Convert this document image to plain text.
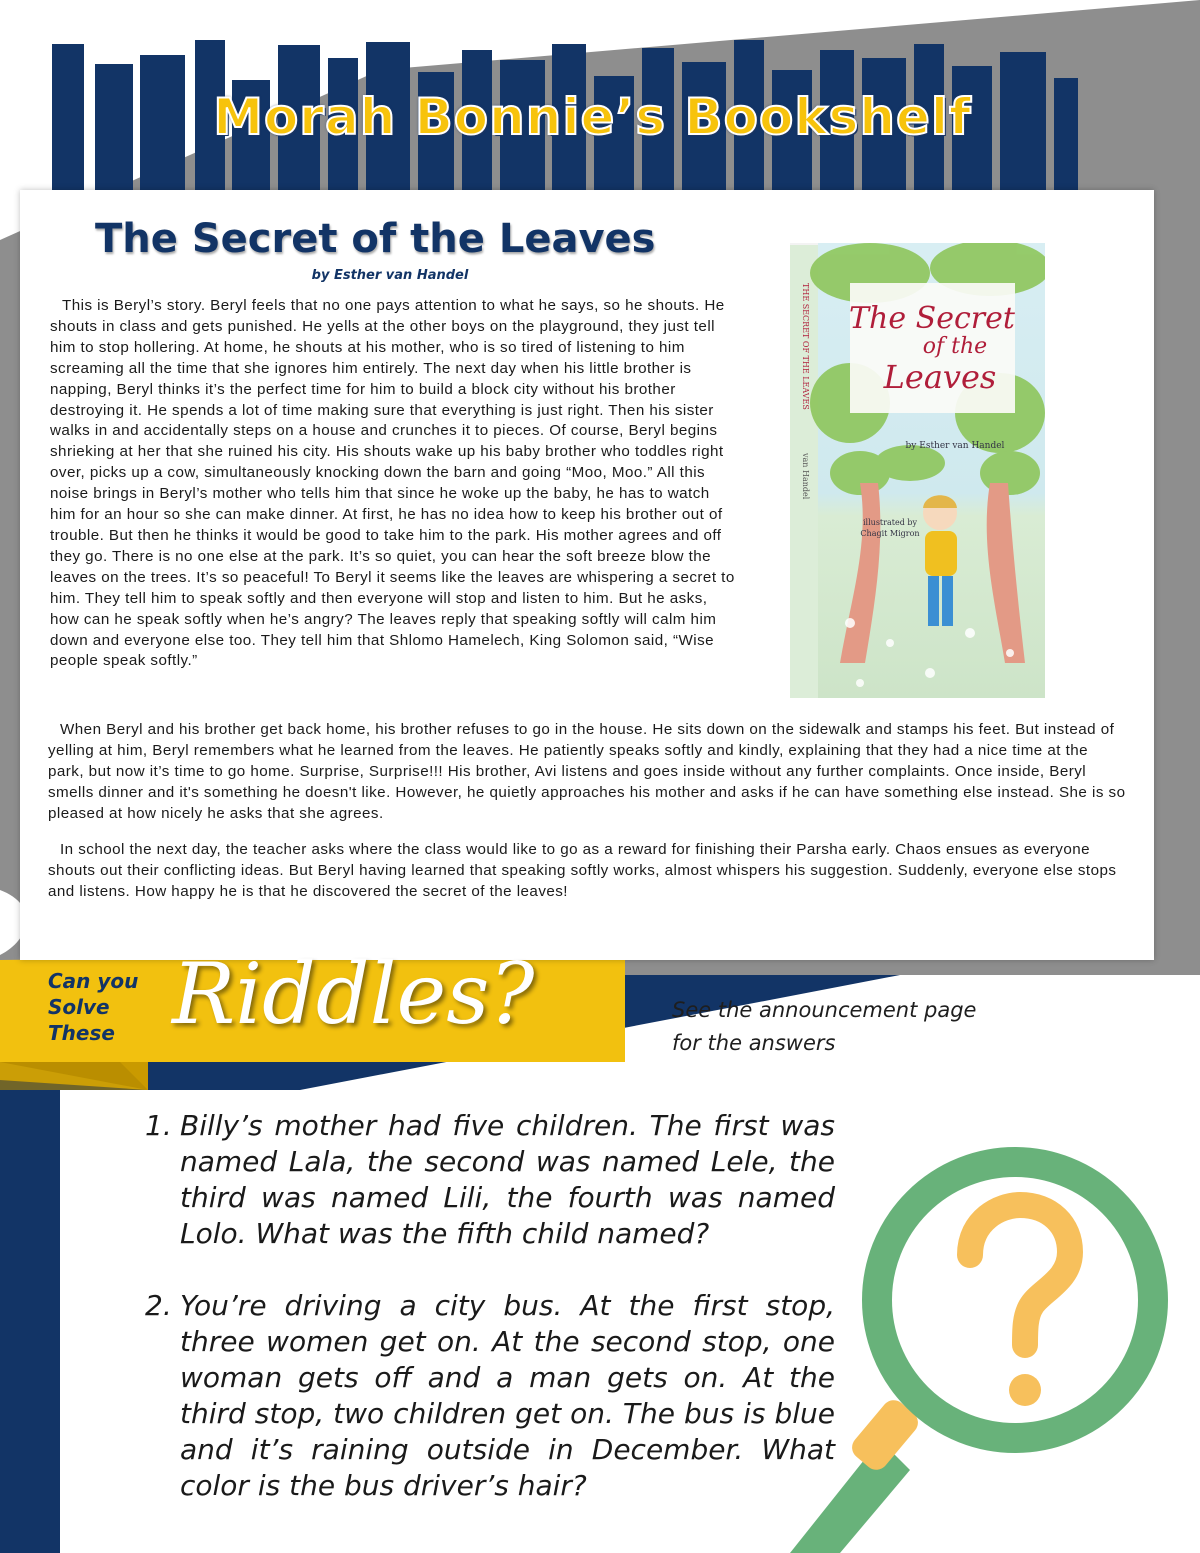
Morah Bonnie’s Bookshelf
The Secret of the Leaves
by Esther van Handel

This is Beryl’s story. Beryl feels that no one pays attention to what he says, so he shouts. He shouts in class and gets punished. He yells at the other boys on the playground, they just tell him to stop hollering. At home, he shouts at his mother, who is so tired of listening to him screaming all the time that she ignores him entirely. The next day when his little brother is napping, Beryl thinks it’s the perfect time for him to build a block city without his brother destroying it. He spends a lot of time making sure that everything is just right. Then his sister walks in and accidentally steps on a house and crunches it to pieces. Of course, Beryl begins shrieking at her that she ruined his city. His shouts wake up his baby brother who toddles right over, picks up a cow, simultaneously knocking down the barn and going “Moo, Moo.” All this noise brings in Beryl’s mother who tells him that since he woke up the baby, he has to watch him for an hour so she can make dinner. At first, he has no idea how to keep his brother out of trouble. But then he thinks it would be good to take him to the park. His mother agrees and off they go. There is no one else at the park. It’s so quiet, you can hear the soft breeze blow the leaves on the trees. It’s so peaceful! To Beryl it seems like the leaves are whispering a secret to him. They tell him to speak softly and then everyone will stop and listen to him. But he asks, how can he speak softly when he’s angry? The leaves reply that speaking softly will calm him down and everyone else too. They tell him that Shlomo Hamelech, King Solomon said, “Wise people speak softly.”

When Beryl and his brother get back home, his brother refuses to go in the house. He sits down on the sidewalk and stamps his feet. But instead of yelling at him, Beryl remembers what he learned from the leaves. He patiently speaks softly and kindly, explaining that they had a nice time at the park, but now it’s time to go home. Surprise, Surprise!!! His brother, Avi listens and goes inside without any further complaints. Once inside, Beryl smells dinner and it's something he doesn't like. However, he quietly approaches his mother and asks if he can have something else instead. She is so pleased at how nicely he asks that she agrees.

In school the next day, the teacher asks where the class would like to go as a reward for finishing their Parsha early. Chaos ensues as everyone shouts out their conflicting ideas. But Beryl having learned that speaking softly works, almost whispers his suggestion. Suddenly, everyone else stops and listens. How happy he is that he discovered the secret of the leaves!

The Secret
of the
Leaves
by Esther van Handel
illustrated by
Chagit Migron
THE SECRET OF THE LEAVES
van Handel
Can you
Solve
These Riddles?	See the announcement page for the answers
1. Billy’s mother had five children. The first was named Lala, the second was named Lele, the third was named Lili, the fourth was named Lolo. What was the fifth child named?
2. You’re driving a city bus. At the first stop, three women get on. At the second stop, one woman gets off and a man gets on. At the third stop, two children get on. The bus is blue and it’s raining outside in December. What color is the bus driver’s hair?
